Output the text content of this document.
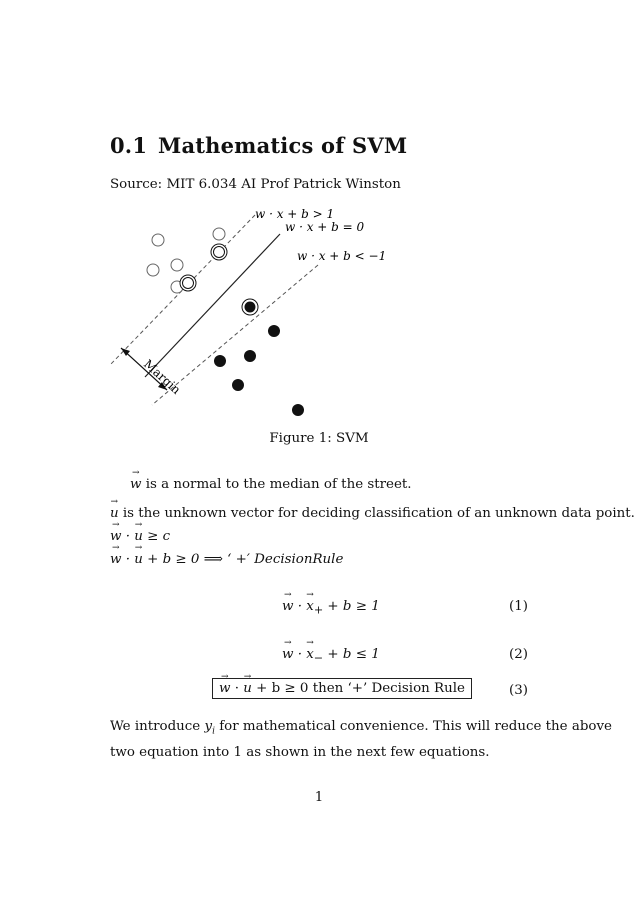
0.1 Mathematics of SVM
Source: MIT 6.034 AI Prof Patrick Winston
w · x + b > 1
w · x + b = 0
w · x + b < −1
Margin
Figure 1: SVM
→ w is a normal to the median of the street.
→ u is the unknown vector for deciding classification of an unknown data point.
→ w · → u ≥ c
→ w · → u + b ≥ 0 ⟹ ‘ +′ DecisionRule
→ w · → $x_+ + b \ge 1$	(1)
→ w · → $x_- + b \le 1$	(2)
→ w · → u + b ≥ 0 then ‘+’ Decision Rule	(3)
We introduce $y_i$ for mathematical convenience. This will reduce the above
two equation into 1 as shown in the next few equations.
1
